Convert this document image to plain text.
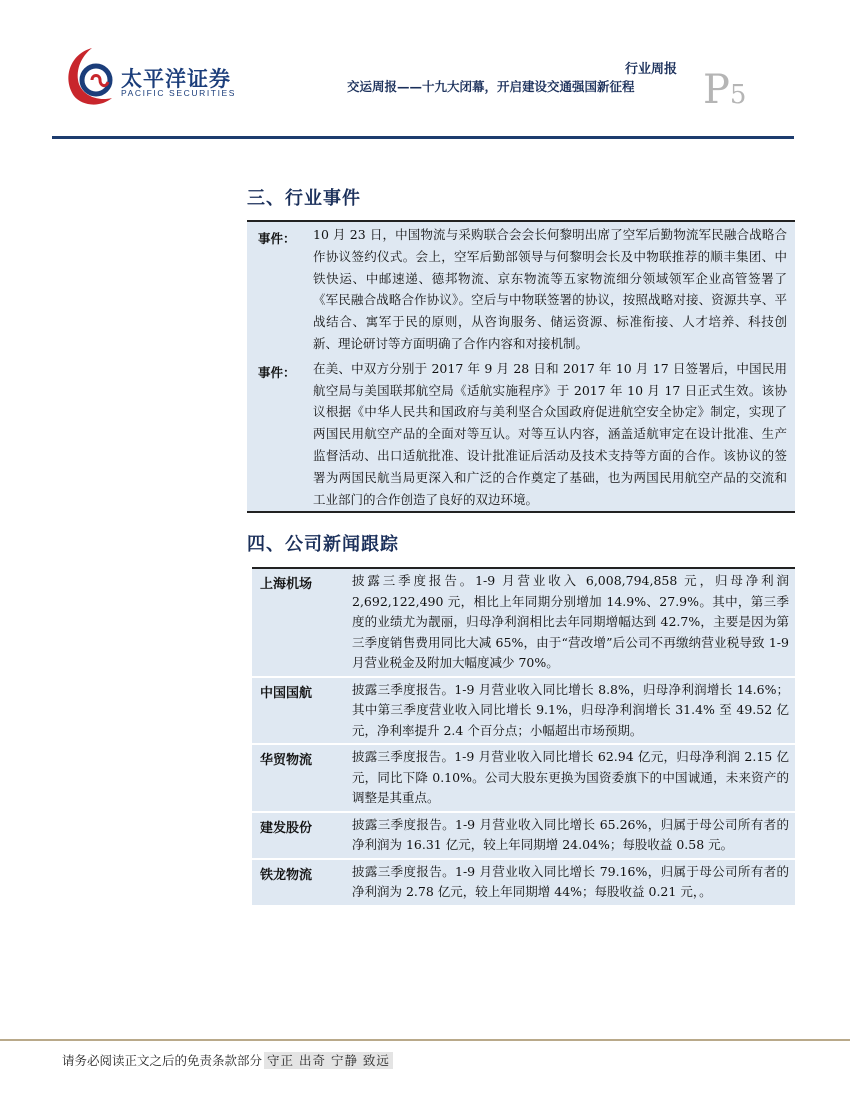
太平洋证券
PACIFIC SECURITIES
行业周报
交运周报——十九大闭幕，开启建设交通强国新征程	P5
三、行业事件
事件：	10 月 23 日，中国物流与采购联合会会长何黎明出席了空军后勤物流军民融合战略合作协议签约仪式。会上，空军后勤部领导与何黎明会长及中物联推荐的顺丰集团、中铁快运、中邮速递、德邦物流、京东物流等五家物流细分领域领军企业高管签署了《军民融合战略合作协议》。空后与中物联签署的协议，按照战略对接、资源共享、平战结合、寓军于民的原则，从咨询服务、储运资源、标准衔接、人才培养、科技创新、理论研讨等方面明确了合作内容和对接机制。
事件：	在美、中双方分别于 2017 年 9 月 28 日和 2017 年 10 月 17 日签署后，中国民用航空局与美国联邦航空局《适航实施程序》于 2017 年 10 月 17 日正式生效。该协议根据《中华人民共和国政府与美利坚合众国政府促进航空安全协定》制定，实现了两国民用航空产品的全面对等互认。对等互认内容，涵盖适航审定在设计批准、生产监督活动、出口适航批准、设计批准证后活动及技术支持等方面的合作。该协议的签署为两国民航当局更深入和广泛的合作奠定了基础，也为两国民用航空产品的交流和工业部门的合作创造了良好的双边环境。
四、公司新闻跟踪
上海机场	披露三季度报告。1-9 月营业收入 6,008,794,858 元，归母净利润 2,692,122,490 元，相比上年同期分别增加 14.9%、27.9%。其中，第三季度的业绩尤为靓丽，归母净利润相比去年同期增幅达到 42.7%，主要是因为第三季度销售费用同比大减 65%，由于“营改增”后公司不再缴纳营业税导致 1-9 月营业税金及附加大幅度减少 70%。
中国国航	披露三季度报告。1-9 月营业收入同比增长 8.8%，归母净利润增长 14.6%；其中第三季度营业收入同比增长 9.1%，归母净利润增长 31.4% 至 49.52 亿元，净利率提升 2.4 个百分点；小幅超出市场预期。
华贸物流	披露三季度报告。1-9 月营业收入同比增长 62.94 亿元，归母净利润 2.15 亿元，同比下降 0.10%。公司大股东更换为国资委旗下的中国诚通，未来资产的调整是其重点。
建发股份	披露三季度报告。1-9 月营业收入同比增长 65.26%，归属于母公司所有者的净利润为 16.31 亿元，较上年同期增 24.04%；每股收益 0.58 元。
铁龙物流	披露三季度报告。1-9 月营业收入同比增长 79.16%，归属于母公司所有者的净利润为 2.78 亿元，较上年同期增 44%；每股收益 0.21 元，。
请务必阅读正文之后的免责条款部分 守正 出奇 宁静 致远
